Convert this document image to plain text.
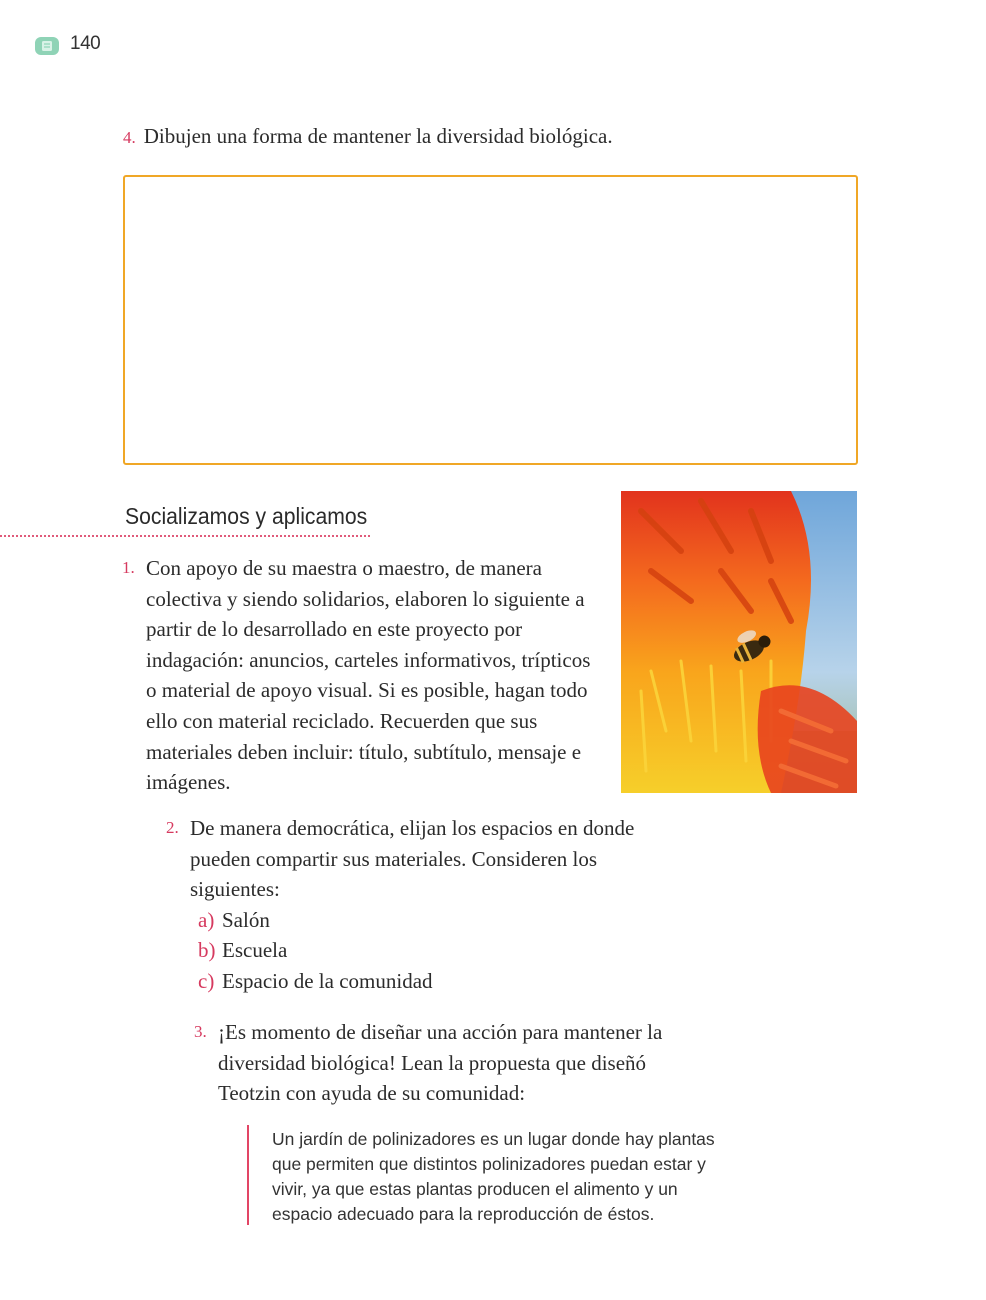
140
4. Dibujen una forma de mantener la diversidad biológica.
Socializamos y aplicamos
1. Con apoyo de su maestra o maestro, de manera colectiva y siendo solidarios, elaboren lo siguiente a partir de lo desarrollado en este proyecto por indagación: anuncios, carteles informativos, trípticos o material de apoyo visual. Si es posible, hagan todo ello con material reciclado. Recuerden que sus materiales deben incluir: título, subtítulo, mensaje e imágenes.
2. De manera democrática, elijan los espacios en donde pueden compartir sus materiales. Consideren los siguientes:
a) Salón
b) Escuela
c) Espacio de la comunidad
3. ¡Es momento de diseñar una acción para mantener la diversidad biológica! Lean la propuesta que diseñó Teotzin con ayuda de su comunidad:

Un jardín de polinizadores es un lugar donde hay plantas que permiten que distintos polinizadores puedan estar y vivir, ya que estas plantas producen el alimento y un espacio adecuado para la reproducción de éstos.
